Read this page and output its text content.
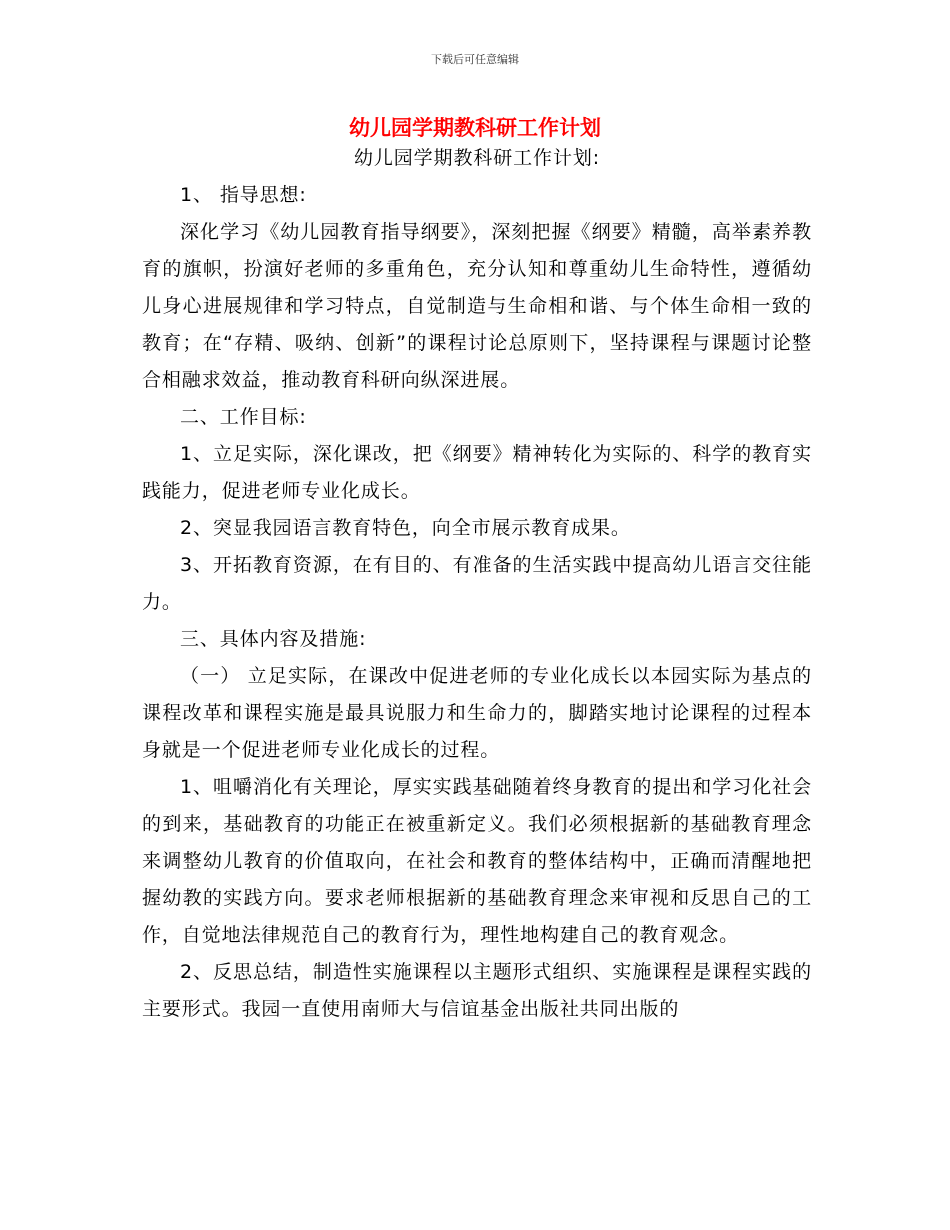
下载后可任意编辑
幼儿园学期教科研工作计划

幼儿园学期教科研工作计划:

1、 指导思想:

深化学习《幼儿园教育指导纲要》，深刻把握《纲要》精髓，高举素养教育的旗帜，扮演好老师的多重角色，充分认知和尊重幼儿生命特性，遵循幼儿身心进展规律和学习特点，自觉制造与生命相和谐、与个体生命相一致的教育；在“存精、吸纳、创新”的课程讨论总原则下，坚持课程与课题讨论整合相融求效益，推动教育科研向纵深进展。

二、工作目标:

1、立足实际，深化课改，把《纲要》精神转化为实际的、科学的教育实践能力，促进老师专业化成长。

2、突显我园语言教育特色，向全市展示教育成果。

3、开拓教育资源，在有目的、有准备的生活实践中提高幼儿语言交往能力。

三、具体内容及措施:

（一） 立足实际，在课改中促进老师的专业化成长以本园实际为基点的课程改革和课程实施是最具说服力和生命力的，脚踏实地讨论课程的过程本身就是一个促进老师专业化成长的过程。

1、咀嚼消化有关理论，厚实实践基础随着终身教育的提出和学习化社会的到来，基础教育的功能正在被重新定义。我们必须根据新的基础教育理念来调整幼儿教育的价值取向，在社会和教育的整体结构中，正确而清醒地把握幼教的实践方向。要求老师根据新的基础教育理念来审视和反思自己的工作，自觉地法律规范自己的教育行为，理性地构建自己的教育观念。

2、反思总结，制造性实施课程以主题形式组织、实施课程是课程实践的主要形式。我园一直使用南师大与信谊基金出版社共同出版的
